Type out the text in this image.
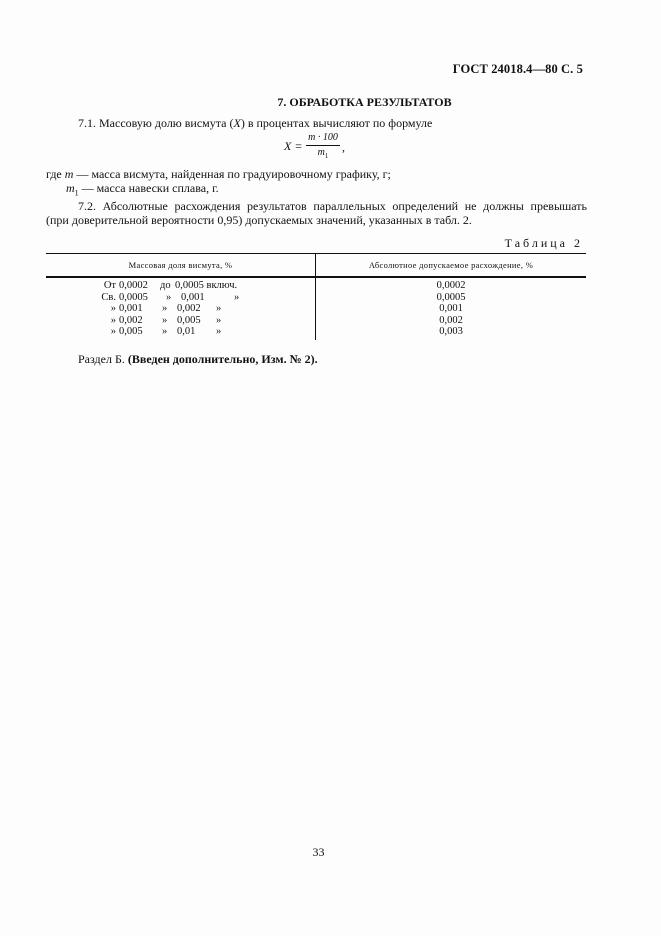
ГОСТ 24018.4—80 С. 5
7. ОБРАБОТКА РЕЗУЛЬТАТОВ
7.1. Массовую долю висмута (X) в процентах вычисляют по формуле
$X = \frac{m \cdot 100}{m_1}$ ,
где m — масса висмута, найденная по градуировочному графику, г;
$m_1$ — масса навески сплава, г.
7.2. Абсолютные расхождения результатов параллельных определений не должны превышать
(при доверительной вероятности 0,95) допускаемых значений, указанных в табл. 2.
Таблица 2
Массовая доля висмута, %	Абсолютное допускаемое расхождение, %
От 0,0002 до 0,0005 включ.
Св. 0,0005 » 0,001	»
» 0,001 » 0,002 »
» 0,002 » 0,005 »
» 0,005 » 0,01 »
0,0002
0,0005
0,001
0,002
0,003
Раздел Б. (Введен дополнительно, Изм. № 2).
33
